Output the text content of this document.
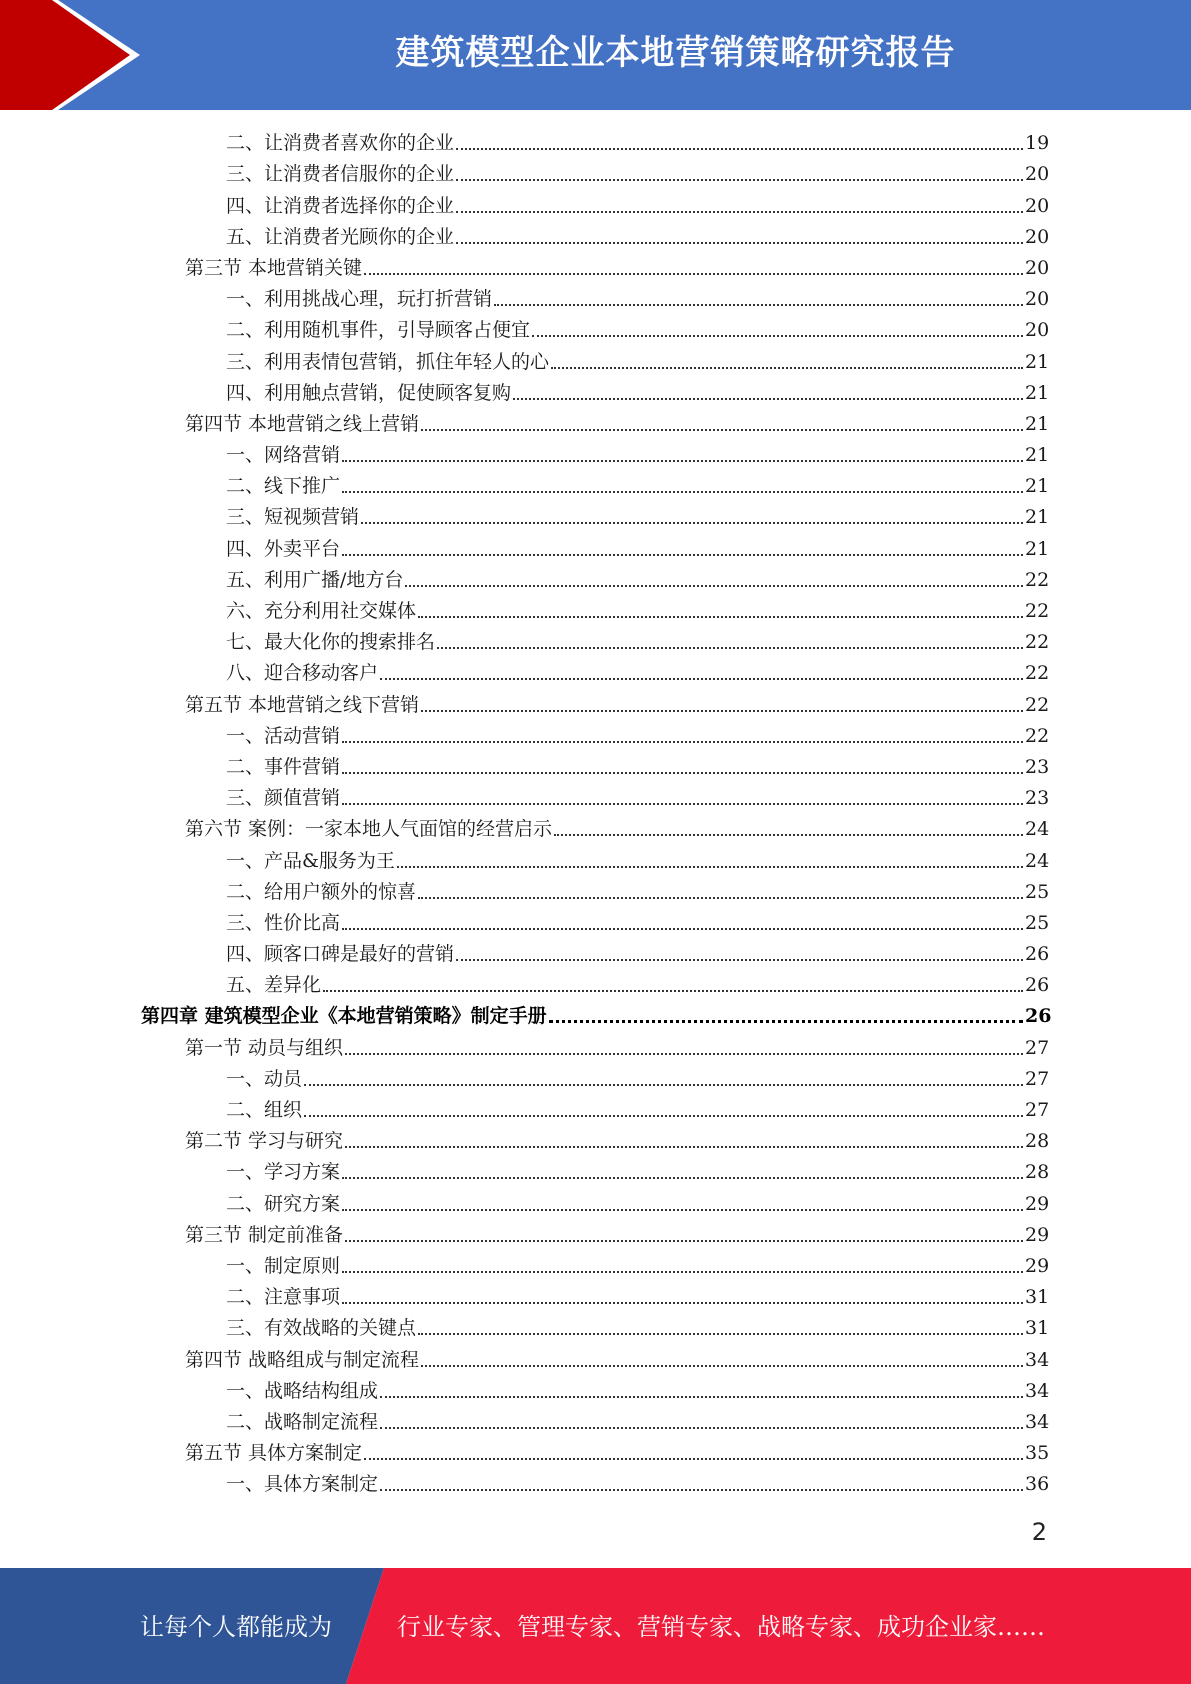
建筑模型企业本地营销策略研究报告
二、让消费者喜欢你的企业	19
三、让消费者信服你的企业	20
四、让消费者选择你的企业	20
五、让消费者光顾你的企业	20
第三节 本地营销关键	20
一、利用挑战心理，玩打折营销	20
二、利用随机事件，引导顾客占便宜	20
三、利用表情包营销，抓住年轻人的心	21
四、利用触点营销，促使顾客复购	21
第四节 本地营销之线上营销	21
一、网络营销	21
二、线下推广	21
三、短视频营销	21
四、外卖平台	21
五、利用广播/地方台	22
六、充分利用社交媒体	22
七、最大化你的搜索排名	22
八、迎合移动客户	22
第五节 本地营销之线下营销	22
一、活动营销	22
二、事件营销	23
三、颜值营销	23
第六节 案例：一家本地人气面馆的经营启示	24
一、产品&服务为王	24
二、给用户额外的惊喜	25
三、性价比高	25
四、顾客口碑是最好的营销	26
五、差异化	26
第四章 建筑模型企业《本地营销策略》制定手册	26
第一节 动员与组织	27
一、动员	27
二、组织	27
第二节 学习与研究	28
一、学习方案	28
二、研究方案	29
第三节 制定前准备	29
一、制定原则	29
二、注意事项	31
三、有效战略的关键点	31
第四节 战略组成与制定流程	34
一、战略结构组成	34
二、战略制定流程	34
第五节 具体方案制定	35
一、具体方案制定	36
2
让每个人都能成为	行业专家、管理专家、营销专家、战略专家、成功企业家……
